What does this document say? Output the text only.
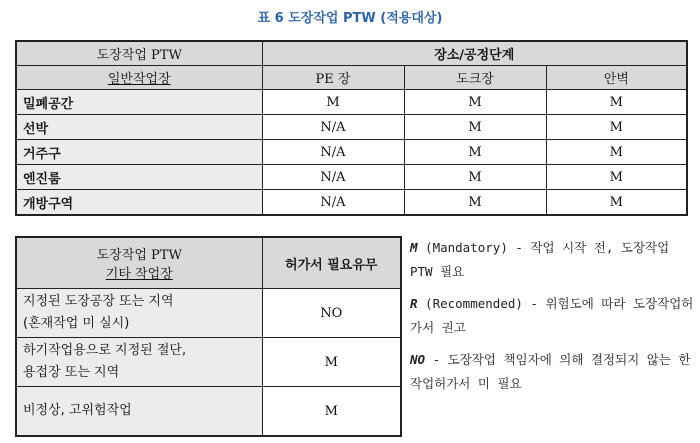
표 6 도장작업 PTW (적용대상)
도장작업 PTW	장소/공정단계		
일반작업장	PE 장	도크장	안벽
밀폐공간	M	M	M
선박	N/A	M	M
거주구	N/A	M	M
엔진룸	N/A	M	M
개방구역	N/A	M	M
도장작업 PTW
기타 작업장	허가서 필요유무

지정된 도장공장 또는 지역
(혼재작업 미 실시)	NO

하기작업용으로 지정된 절단,
용접장 또는 지역	M
비정상, 고위험작업	M

M (Mandatory) - 작업 시작 전, 도장작업 PTW 필요

R (Recommended) - 위험도에 따라 도장작업허가서 권고

NO - 도장작업 책임자에 의해 결정되지 않는 한 작업허가서 미 필요
